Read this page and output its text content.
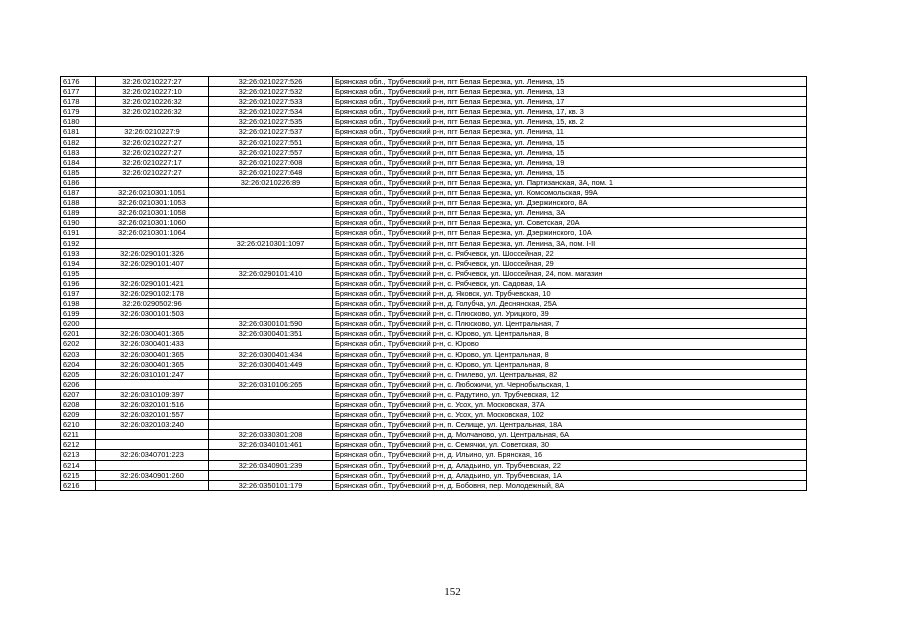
6176	32:26:0210227:27	32:26:0210227:526	Брянская обл., Трубчевский р-н, пгт Белая Березка, ул. Ленина, 15
6177	32:26:0210227:10	32:26:0210227:532	Брянская обл., Трубчевский р-н, пгт Белая Березка, ул. Ленина, 13
6178	32:26:0210226:32	32:26:0210227:533	Брянская обл., Трубчевский р-н, пгт Белая Березка, ул. Ленина, 17
6179	32:26:0210226:32	32:26:0210227:534	Брянская обл., Трубчевский р-н, пгт Белая Березка, ул. Ленина, 17, кв. 3
6180		32:26:0210227:535	Брянская обл., Трубчевский р-н, пгт Белая Березка, ул. Ленина, 15, кв. 2
6181	32:26:0210227:9	32:26:0210227:537	Брянская обл., Трубчевский р-н, пгт Белая Березка, ул. Ленина, 11
6182	32:26:0210227:27	32:26:0210227:551	Брянская обл., Трубчевский р-н, пгт Белая Березка, ул. Ленина, 15
6183	32:26:0210227:27	32:26:0210227:557	Брянская обл., Трубчевский р-н, пгт Белая Березка, ул. Ленина, 15
6184	32:26:0210227:17	32:26:0210227:608	Брянская обл., Трубчевский р-н, пгт Белая Березка, ул. Ленина, 19
6185	32:26:0210227:27	32:26:0210227:648	Брянская обл., Трубчевский р-н, пгт Белая Березка, ул. Ленина, 15
6186		32:26:0210226:89	Брянская обл., Трубчевский р-н, пгт Белая Березка, ул. Партизанская, 3А, пом. 1
6187	32:26:0210301:1051		Брянская обл., Трубчевский р-н, пгт Белая Березка, ул. Комсомольская, 99А
6188	32:26:0210301:1053		Брянская обл., Трубчевский р-н, пгт Белая Березка, ул. Дзержинского, 8А
6189	32:26:0210301:1058		Брянская обл., Трубчевский р-н, пгт Белая Березка, ул. Ленина, 3А
6190	32:26:0210301:1060		Брянская обл., Трубчевский р-н, пгт Белая Березка, ул. Советская, 20А
6191	32:26:0210301:1064		Брянская обл., Трубчевский р-н, пгт Белая Березка, ул. Дзержинского, 10А
6192		32:26:0210301:1097	Брянская обл., Трубчевский р-н, пгт Белая Березка, ул. Ленина, 3А, пом. I-II
6193	32:26:0290101:326		Брянская обл., Трубчевский р-н, с. Рябчевск, ул. Шоссейная, 22
6194	32:26:0290101:407		Брянская обл., Трубчевский р-н, с. Рябчевск, ул. Шоссейная, 29
6195		32:26:0290101:410	Брянская обл., Трубчевский р-н, с. Рябчевск, ул. Шоссейная, 24, пом. магазин
6196	32:26:0290101:421		Брянская обл., Трубчевский р-н, с. Рябчевск, ул. Садовая, 1А
6197	32:26:0290102:178		Брянская обл., Трубчевский р-н, д. Яковск, ул. Трубчевская, 10
6198	32:26:0290502:96		Брянская обл., Трубчевский р-н, д. Голубча, ул. Деснянская, 25А
6199	32:26:0300101:503		Брянская обл., Трубчевский р-н, с. Плюсково, ул. Урицкого, 39
6200		32:26:0300101:590	Брянская обл., Трубчевский р-н, с. Плюсково, ул. Центральная, 7
6201	32:26:0300401:365	32:26:0300401:351	Брянская обл., Трубчевский р-н, с. Юрово, ул. Центральная, 8
6202	32:26:0300401:433		Брянская обл., Трубчевский р-н, с. Юрово
6203	32:26:0300401:365	32:26:0300401:434	Брянская обл., Трубчевский р-н, с. Юрово, ул. Центральная, 8
6204	32:26:0300401:365	32:26:0300401:449	Брянская обл., Трубчевский р-н, с. Юрово, ул. Центральная, 8
6205	32:26:0310101:247		Брянская обл., Трубчевский р-н, с. Гнилево, ул. Центральная, 82
6206		32:26:0310106:265	Брянская обл., Трубчевский р-н, с. Любожичи, ул. Чернобыльская, 1
6207	32:26:0310109:397		Брянская обл., Трубчевский р-н, с. Радутино, ул. Трубчевская, 12
6208	32:26:0320101:516		Брянская обл., Трубчевский р-н, с. Усох, ул. Московская, 37А
6209	32:26:0320101:557		Брянская обл., Трубчевский р-н, с. Усох, ул. Московская, 102
6210	32:26:0320103:240		Брянская обл., Трубчевский р-н, п. Селище, ул. Центральная, 18А
6211		32:26:0330301:208	Брянская обл., Трубчевский р-н, д. Молчаново, ул. Центральная, 6А
6212		32:26:0340101:461	Брянская обл., Трубчевский р-н, с. Семячки, ул. Советская, 30
6213	32:26:0340701:223		Брянская обл., Трубчевский р-н, д. Ильино, ул. Брянская, 16
6214		32:26:0340901:239	Брянская обл., Трубчевский р-н, д. Аладьино, ул. Трубчевская, 22
6215	32:26:0340901:260		Брянская обл., Трубчевский р-н, д. Аладьино, ул. Трубчевская, 1А
6216		32:26:0350101:179	Брянская обл., Трубчевский р-н, д. Бобовня, пер. Молодежный, 8А
152
